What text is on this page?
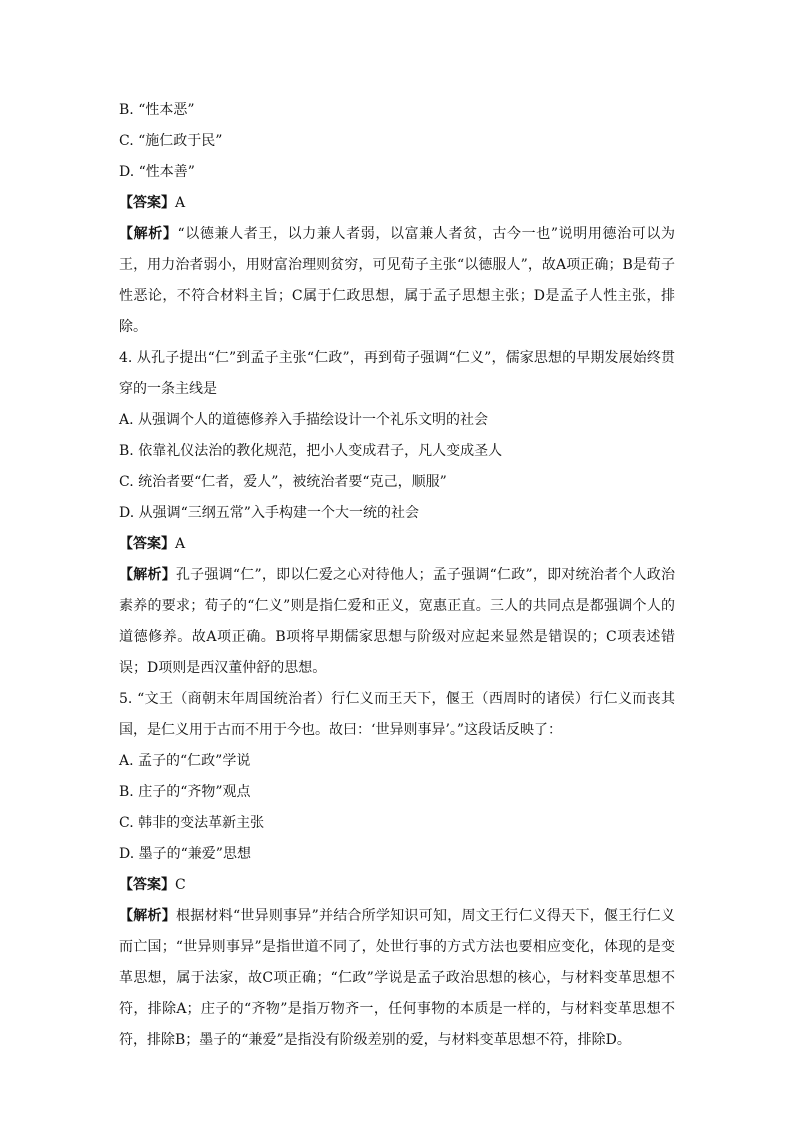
B. “性本恶”
C. “施仁政于民”
D. “性本善”
【答案】A
【解析】“以德兼人者王，以力兼人者弱，以富兼人者贫，古今一也”说明用德治可以为王，用力治者弱小，用财富治理则贫穷，可见荀子主张“以德服人”，故A项正确；B是荀子性恶论，不符合材料主旨；C属于仁政思想，属于孟子思想主张；D是孟子人性主张，排除。
4. 从孔子提出“仁”到孟子主张“仁政”，再到荀子强调“仁义”，儒家思想的早期发展始终贯穿的一条主线是
A. 从强调个人的道德修养入手描绘设计一个礼乐文明的社会
B. 依靠礼仪法治的教化规范，把小人变成君子，凡人变成圣人
C. 统治者要“仁者，爱人”，被统治者要“克己，顺服”
D. 从强调“三纲五常”入手构建一个大一统的社会
【答案】A
【解析】孔子强调“仁”，即以仁爱之心对待他人；孟子强调“仁政”，即对统治者个人政治素养的要求；荀子的“仁义”则是指仁爱和正义，宽惠正直。三人的共同点是都强调个人的道德修养。故A项正确。B项将早期儒家思想与阶级对应起来显然是错误的；C项表述错误；D项则是西汉董仲舒的思想。
5. “文王（商朝末年周国统治者）行仁义而王天下，偃王（西周时的诸侯）行仁义而丧其国，是仁义用于古而不用于今也。故曰：‘世异则事异’。”这段话反映了：
A. 孟子的“仁政”学说
B. 庄子的“齐物”观点
C. 韩非的变法革新主张
D. 墨子的“兼爱”思想
【答案】C
【解析】根据材料“世异则事异”并结合所学知识可知，周文王行仁义得天下，偃王行仁义而亡国；“世异则事异”是指世道不同了，处世行事的方式方法也要相应变化，体现的是变革思想，属于法家，故C项正确；“仁政”学说是孟子政治思想的核心，与材料变革思想不符，排除A；庄子的“齐物”是指万物齐一，任何事物的本质是一样的，与材料变革思想不符，排除B；墨子的“兼爱”是指没有阶级差别的爱，与材料变革思想不符，排除D。
